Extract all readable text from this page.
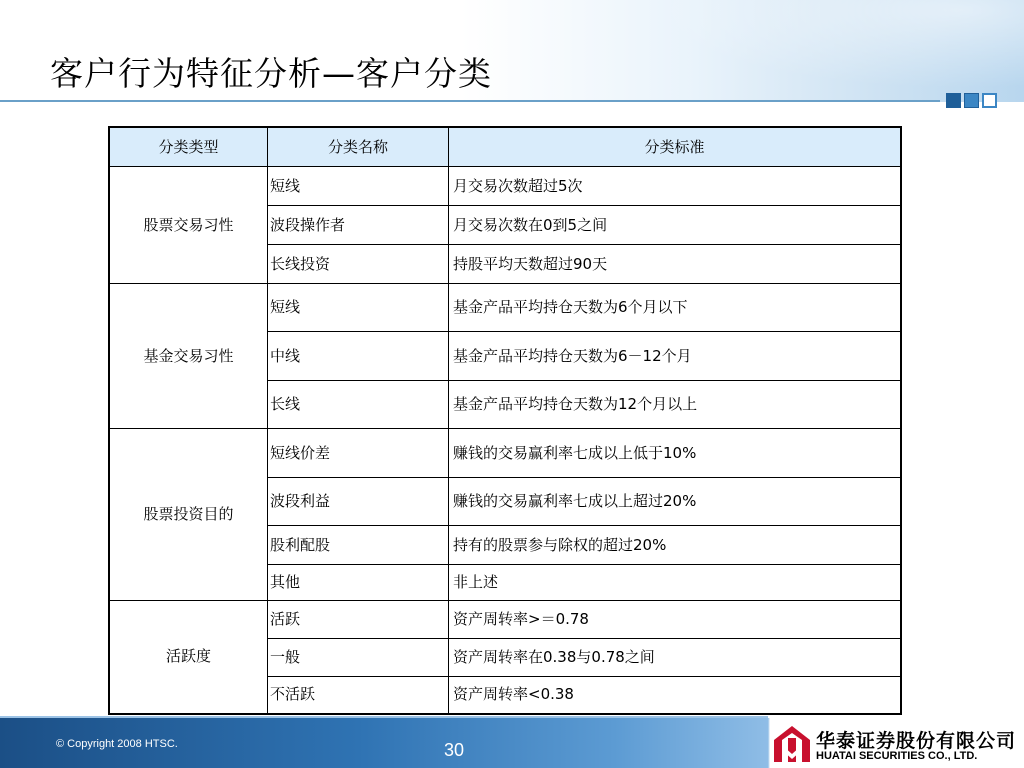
客户行为特征分析—客户分类
分类类型	分类名称	分类标准
股票交易习性	短线	月交易次数超过5次
	波段操作者	月交易次数在0到5之间
	长线投资	持股平均天数超过90天
基金交易习性	短线	基金产品平均持仓天数为6个月以下
	中线	基金产品平均持仓天数为6－12个月
	长线	基金产品平均持仓天数为12个月以上
股票投资目的	短线价差	赚钱的交易赢利率七成以上低于10%
	波段利益	赚钱的交易赢利率七成以上超过20%
	股利配股	持有的股票参与除权的超过20%
	其他	非上述
活跃度	活跃	资产周转率>＝0.78
	一般	资产周转率在0.38与0.78之间
	不活跃	资产周转率<0.38
© Copyright 2008 HTSC.	30	华泰证券股份有限公司
HUATAI SECURITIES CO., LTD.
